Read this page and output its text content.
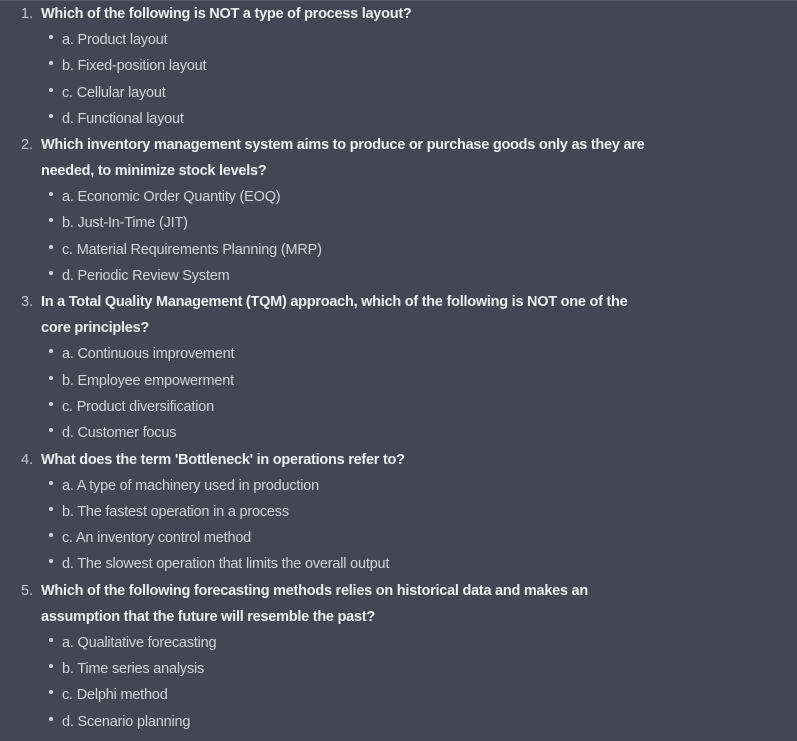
1. Which of the following is NOT a type of process layout?
a. Product layout
b. Fixed-position layout
c. Cellular layout
d. Functional layout
2. Which inventory management system aims to produce or purchase goods only as they are
needed, to minimize stock levels?
a. Economic Order Quantity (EOQ)
b. Just-In-Time (JIT)
c. Material Requirements Planning (MRP)
d. Periodic Review System
3. In a Total Quality Management (TQM) approach, which of the following is NOT one of the
core principles?
a. Continuous improvement
b. Employee empowerment
c. Product diversification
d. Customer focus
4. What does the term 'Bottleneck' in operations refer to?
a. A type of machinery used in production
b. The fastest operation in a process
c. An inventory control method
d. The slowest operation that limits the overall output
5. Which of the following forecasting methods relies on historical data and makes an
assumption that the future will resemble the past?
a. Qualitative forecasting
b. Time series analysis
c. Delphi method
d. Scenario planning
